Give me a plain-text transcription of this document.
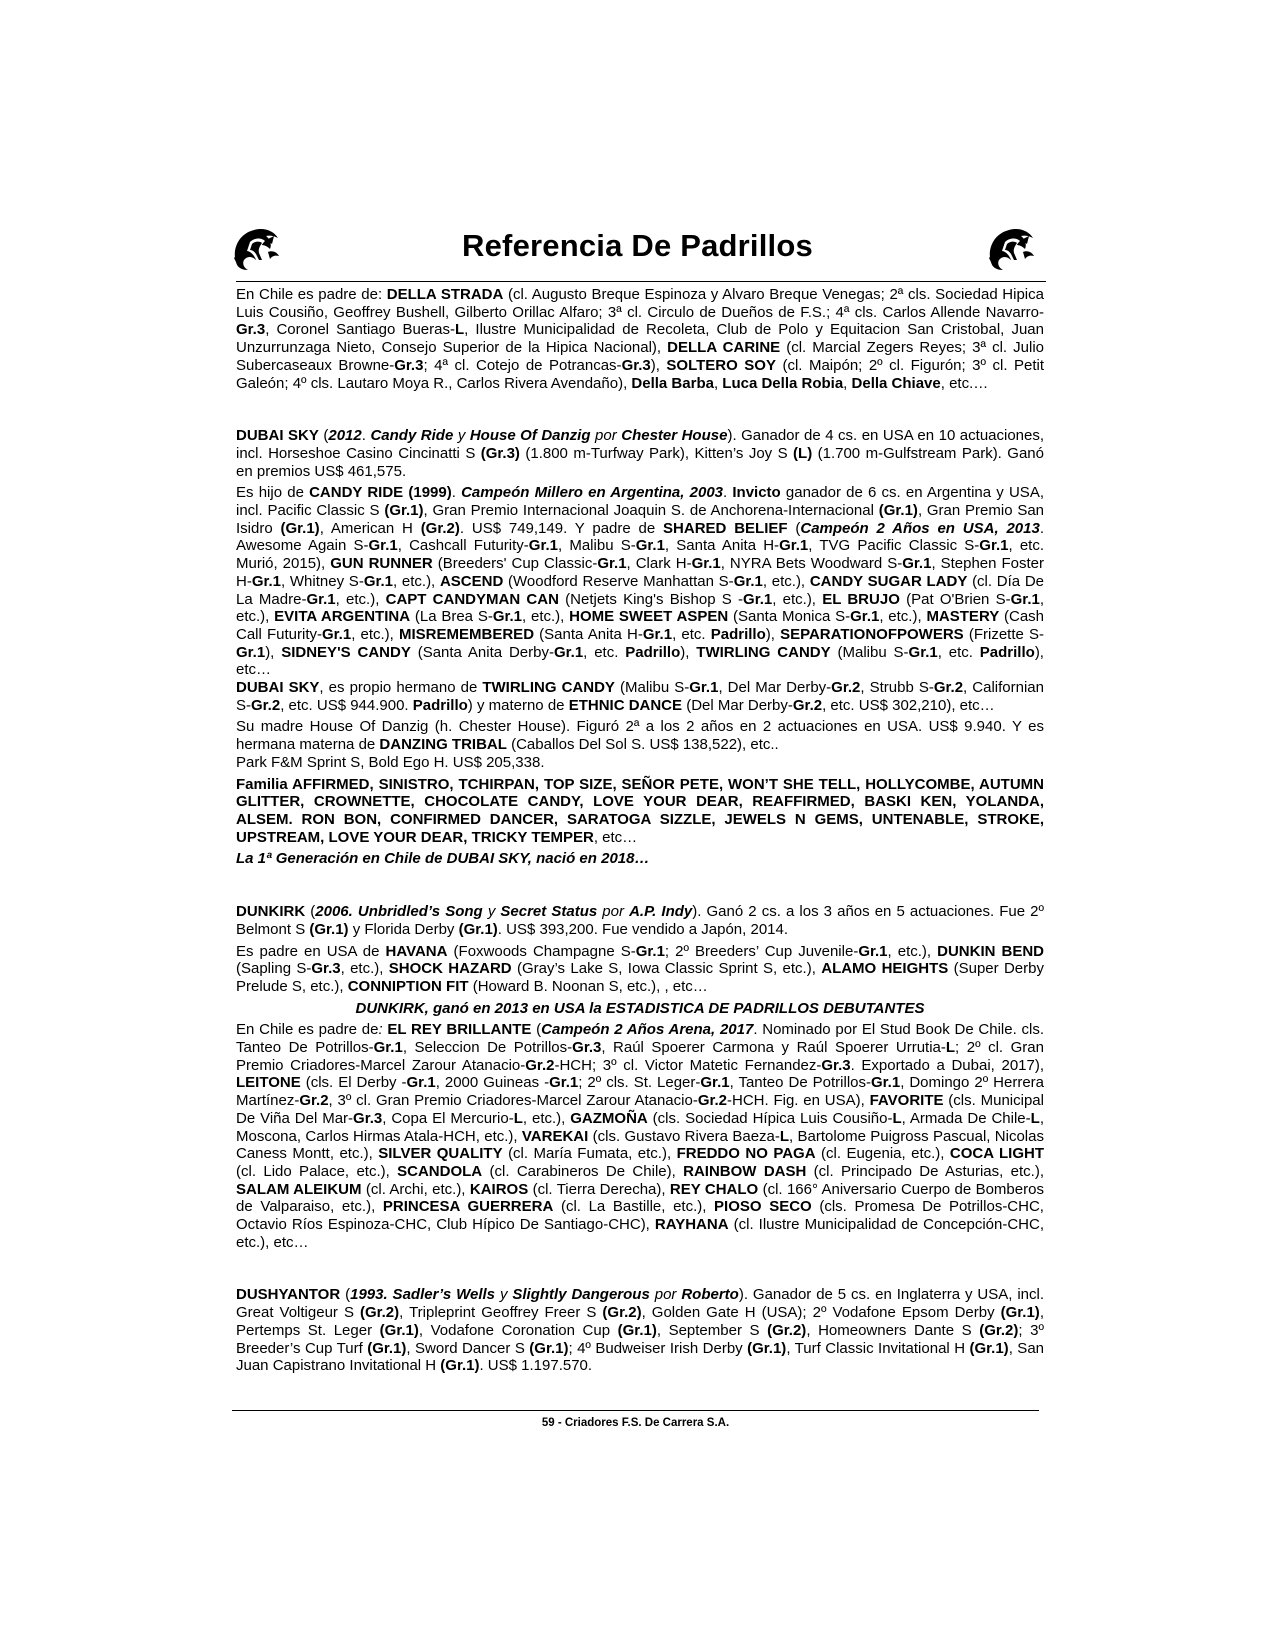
Referencia De Padrillos

En Chile es padre de: DELLA STRADA (cl. Augusto Breque Espinoza y Alvaro Breque Venegas; 2ª cls. Sociedad Hipica Luis Cousiño, Geoffrey Bushell, Gilberto Orillac Alfaro; 3ª cl. Circulo de Dueños de F.S.; 4ª cls. Carlos Allende Navarro-Gr.3, Coronel Santiago Bueras-L, Ilustre Municipalidad de Recoleta, Club de Polo y Equitacion San Cristobal, Juan Unzurrunzaga Nieto, Consejo Superior de la Hipica Nacional), DELLA CARINE (cl. Marcial Zegers Reyes; 3ª cl. Julio Subercaseaux Browne-Gr.3; 4ª cl. Cotejo de Potrancas-Gr.3), SOLTERO SOY (cl. Maipón; 2º cl. Figurón; 3º cl. Petit Galeón; 4º cls. Lautaro Moya R., Carlos Rivera Avendaño), Della Barba, Luca Della Robia, Della Chiave, etc.…

DUBAI SKY (2012. Candy Ride y House Of Danzig por Chester House). Ganador de 4 cs. en USA en 10 actuaciones, incl. Horseshoe Casino Cincinatti S (Gr.3) (1.800 m-Turfway Park), Kitten’s Joy S (L) (1.700 m-Gulfstream Park). Ganó en premios US$ 461,575.

Es hijo de CANDY RIDE (1999). Campeón Millero en Argentina, 2003. Invicto ganador de 6 cs. en Argentina y USA, incl. Pacific Classic S (Gr.1), Gran Premio Internacional Joaquin S. de Anchorena-Internacional (Gr.1), Gran Premio San Isidro (Gr.1), American H (Gr.2). US$ 749,149. Y padre de SHARED BELIEF (Campeón 2 Años en USA, 2013. Awesome Again S-Gr.1, Cashcall Futurity-Gr.1, Malibu S-Gr.1, Santa Anita H-Gr.1, TVG Pacific Classic S-Gr.1, etc. Murió, 2015), GUN RUNNER (Breeders' Cup Classic-Gr.1, Clark H-Gr.1, NYRA Bets Woodward S-Gr.1, Stephen Foster H-Gr.1, Whitney S-Gr.1, etc.), ASCEND (Woodford Reserve Manhattan S-Gr.1, etc.), CANDY SUGAR LADY (cl. Día De La Madre-Gr.1, etc.), CAPT CANDYMAN CAN (Netjets King's Bishop S -Gr.1, etc.), EL BRUJO (Pat O'Brien S-Gr.1, etc.), EVITA ARGENTINA (La Brea S-Gr.1, etc.), HOME SWEET ASPEN (Santa Monica S-Gr.1, etc.), MASTERY (Cash Call Futurity-Gr.1, etc.), MISREMEMBERED (Santa Anita H-Gr.1, etc. Padrillo), SEPARATIONOFPOWERS (Frizette S-Gr.1), SIDNEY'S CANDY (Santa Anita Derby-Gr.1, etc. Padrillo), TWIRLING CANDY (Malibu S-Gr.1, etc. Padrillo), etc…

DUBAI SKY, es propio hermano de TWIRLING CANDY (Malibu S-Gr.1, Del Mar Derby-Gr.2, Strubb S-Gr.2, Californian S-Gr.2, etc. US$ 944.900. Padrillo) y materno de ETHNIC DANCE (Del Mar Derby-Gr.2, etc. US$ 302,210), etc…

Su madre House Of Danzig (h. Chester House). Figuró 2ª a los 2 años en 2 actuaciones en USA. US$ 9.940. Y es hermana materna de DANZING TRIBAL (Caballos Del Sol S. US$ 138,522), etc..

Park F&M Sprint S, Bold Ego H. US$ 205,338.

Familia AFFIRMED, SINISTRO, TCHIRPAN, TOP SIZE, SEÑOR PETE, WON’T SHE TELL, HOLLYCOMBE, AUTUMN GLITTER, CROWNETTE, CHOCOLATE CANDY, LOVE YOUR DEAR, REAFFIRMED, BASKI KEN, YOLANDA, ALSEM. RON BON, CONFIRMED DANCER, SARATOGA SIZZLE, JEWELS N GEMS, UNTENABLE, STROKE, UPSTREAM, LOVE YOUR DEAR, TRICKY TEMPER, etc…

La 1ª Generación en Chile de DUBAI SKY, nació en 2018…

DUNKIRK (2006. Unbridled’s Song y Secret Status por A.P. Indy). Ganó 2 cs. a los 3 años en 5 actuaciones. Fue 2º Belmont S (Gr.1) y Florida Derby (Gr.1). US$ 393,200. Fue vendido a Japón, 2014.

Es padre en USA de HAVANA (Foxwoods Champagne S-Gr.1; 2º Breeders’ Cup Juvenile-Gr.1, etc.), DUNKIN BEND (Sapling S-Gr.3, etc.), SHOCK HAZARD (Gray’s Lake S, Iowa Classic Sprint S, etc.), ALAMO HEIGHTS (Super Derby Prelude S, etc.), CONNIPTION FIT (Howard B. Noonan S, etc.), , etc…

DUNKIRK, ganó en 2013 en USA la ESTADISTICA DE PADRILLOS DEBUTANTES

En Chile es padre de: EL REY BRILLANTE (Campeón 2 Años Arena, 2017. Nominado por El Stud Book De Chile. cls. Tanteo De Potrillos-Gr.1, Seleccion De Potrillos-Gr.3, Raúl Spoerer Carmona y Raúl Spoerer Urrutia-L; 2º cl. Gran Premio Criadores-Marcel Zarour Atanacio-Gr.2-HCH; 3º cl. Victor Matetic Fernandez-Gr.3. Exportado a Dubai, 2017), LEITONE (cls. El Derby -Gr.1, 2000 Guineas -Gr.1; 2º cls. St. Leger-Gr.1, Tanteo De Potrillos-Gr.1, Domingo 2º Herrera Martínez-Gr.2, 3º cl. Gran Premio Criadores-Marcel Zarour Atanacio-Gr.2-HCH. Fig. en USA), FAVORITE (cls. Municipal De Viña Del Mar-Gr.3, Copa El Mercurio-L, etc.), GAZMOÑA (cls. Sociedad Hípica Luis Cousiño-L, Armada De Chile-L, Moscona, Carlos Hirmas Atala-HCH, etc.), VAREKAI (cls. Gustavo Rivera Baeza-L, Bartolome Puigross Pascual, Nicolas Caness Montt, etc.), SILVER QUALITY (cl. María Fumata, etc.), FREDDO NO PAGA (cl. Eugenia, etc.), COCA LIGHT (cl. Lido Palace, etc.), SCANDOLA (cl. Carabineros De Chile), RAINBOW DASH (cl. Principado De Asturias, etc.), SALAM ALEIKUM (cl. Archi, etc.), KAIROS (cl. Tierra Derecha), REY CHALO (cl. 166° Aniversario Cuerpo de Bomberos de Valparaiso, etc.), PRINCESA GUERRERA (cl. La Bastille, etc.), PIOSO SECO (cls. Promesa De Potrillos-CHC, Octavio Ríos Espinoza-CHC, Club Hípico De Santiago-CHC), RAYHANA (cl. Ilustre Municipalidad de Concepción-CHC, etc.), etc…

DUSHYANTOR (1993. Sadler’s Wells y Slightly Dangerous por Roberto). Ganador de 5 cs. en Inglaterra y USA, incl. Great Voltigeur S (Gr.2), Tripleprint Geoffrey Freer S (Gr.2), Golden Gate H (USA); 2º Vodafone Epsom Derby (Gr.1), Pertemps St. Leger (Gr.1), Vodafone Coronation Cup (Gr.1), September S (Gr.2), Homeowners Dante S (Gr.2); 3º Breeder’s Cup Turf (Gr.1), Sword Dancer S (Gr.1); 4º Budweiser Irish Derby (Gr.1), Turf Classic Invitational H (Gr.1), San Juan Capistrano Invitational H (Gr.1). US$ 1.197.570.

59 - Criadores F.S. De Carrera S.A.
